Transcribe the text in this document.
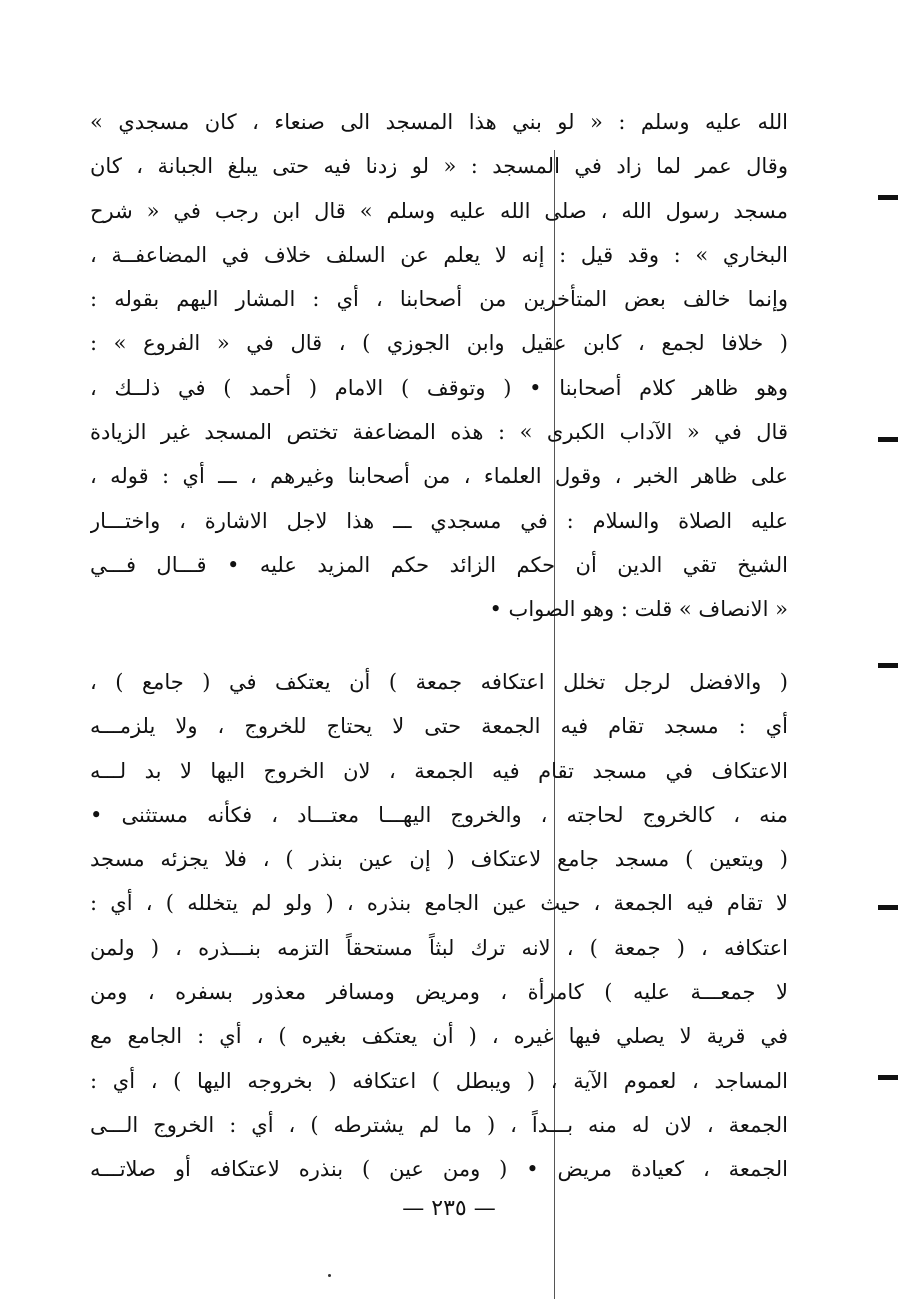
الله عليه وسلم : « لو بني هذا المسجد الى صنعاء ، كان مسجدي »
وقال عمر لما زاد في المسجد : « لو زدنا فيه حتى يبلغ الجبانة ، كان
مسجد رسول الله ، صلى الله عليه وسلم » قال ابن رجب في « شرح
البخاري » : وقد قيل : إنه لا يعلم عن السلف خلاف في المضاعفــة ،
وإنما خالف بعض المتأخرين من أصحابنا ، أي : المشار اليهم بقوله :
( خلافا لجمع ، كابن عقيل وابن الجوزي ) ، قال في « الفروع » :
وهو ظاهر كلام أصحابنا • ( وتوقف ) الامام ( أحمد ) في ذلــك ،
قال في « الآداب الكبرى » : هذه المضاعفة تختص المسجد غير الزيادة
على ظاهر الخبر ، وقول العلماء ، من أصحابنا وغيرهم ، ـــ أي : قوله ،
عليه الصلاة والسلام : في مسجدي ـــ هذا لاجل الاشارة ، واختـــار
الشيخ تقي الدين أن حكم الزائد حكم المزيد عليه • قـــال فـــي
« الانصاف » قلت : وهو الصواب •
( والافضل لرجل تخلل اعتكافه جمعة ) أن يعتكف في ( جامع ) ،
أي : مسجد تقام فيه الجمعة حتى لا يحتاج للخروج ، ولا يلزمـــه
الاعتكاف في مسجد تقام فيه الجمعة ، لان الخروج اليها لا بد لـــه
منه ، كالخروج لحاجته ، والخروج اليهـــا معتـــاد ، فكأنه مستثنى •
( ويتعين ) مسجد جامع لاعتكاف ( إن عين بنذر ) ، فلا يجزئه مسجد
لا تقام فيه الجمعة ، حيث عين الجامع بنذره ، ( ولو لم يتخلله ) ، أي :
اعتكافه ، ( جمعة ) ، لانه ترك لبثاً مستحقاً التزمه بنـــذره ، ( ولمن
لا جمعـــة عليه ) كامرأة ، ومريض ومسافر معذور بسفره ، ومن
في قرية لا يصلي فيها غيره ، ( أن يعتكف بغيره ) ، أي : الجامع مع
المساجد ، لعموم الآية ، ( ويبطل ) اعتكافه ( بخروجه اليها ) ، أي :
الجمعة ، لان له منه بـــداً ، ( ما لم يشترطه ) ، أي : الخروج الـــى
الجمعة ، كعيادة مريض • ( ومن عين ) بنذره لاعتكافه أو صلاتـــه
— ٢٣٥ —
